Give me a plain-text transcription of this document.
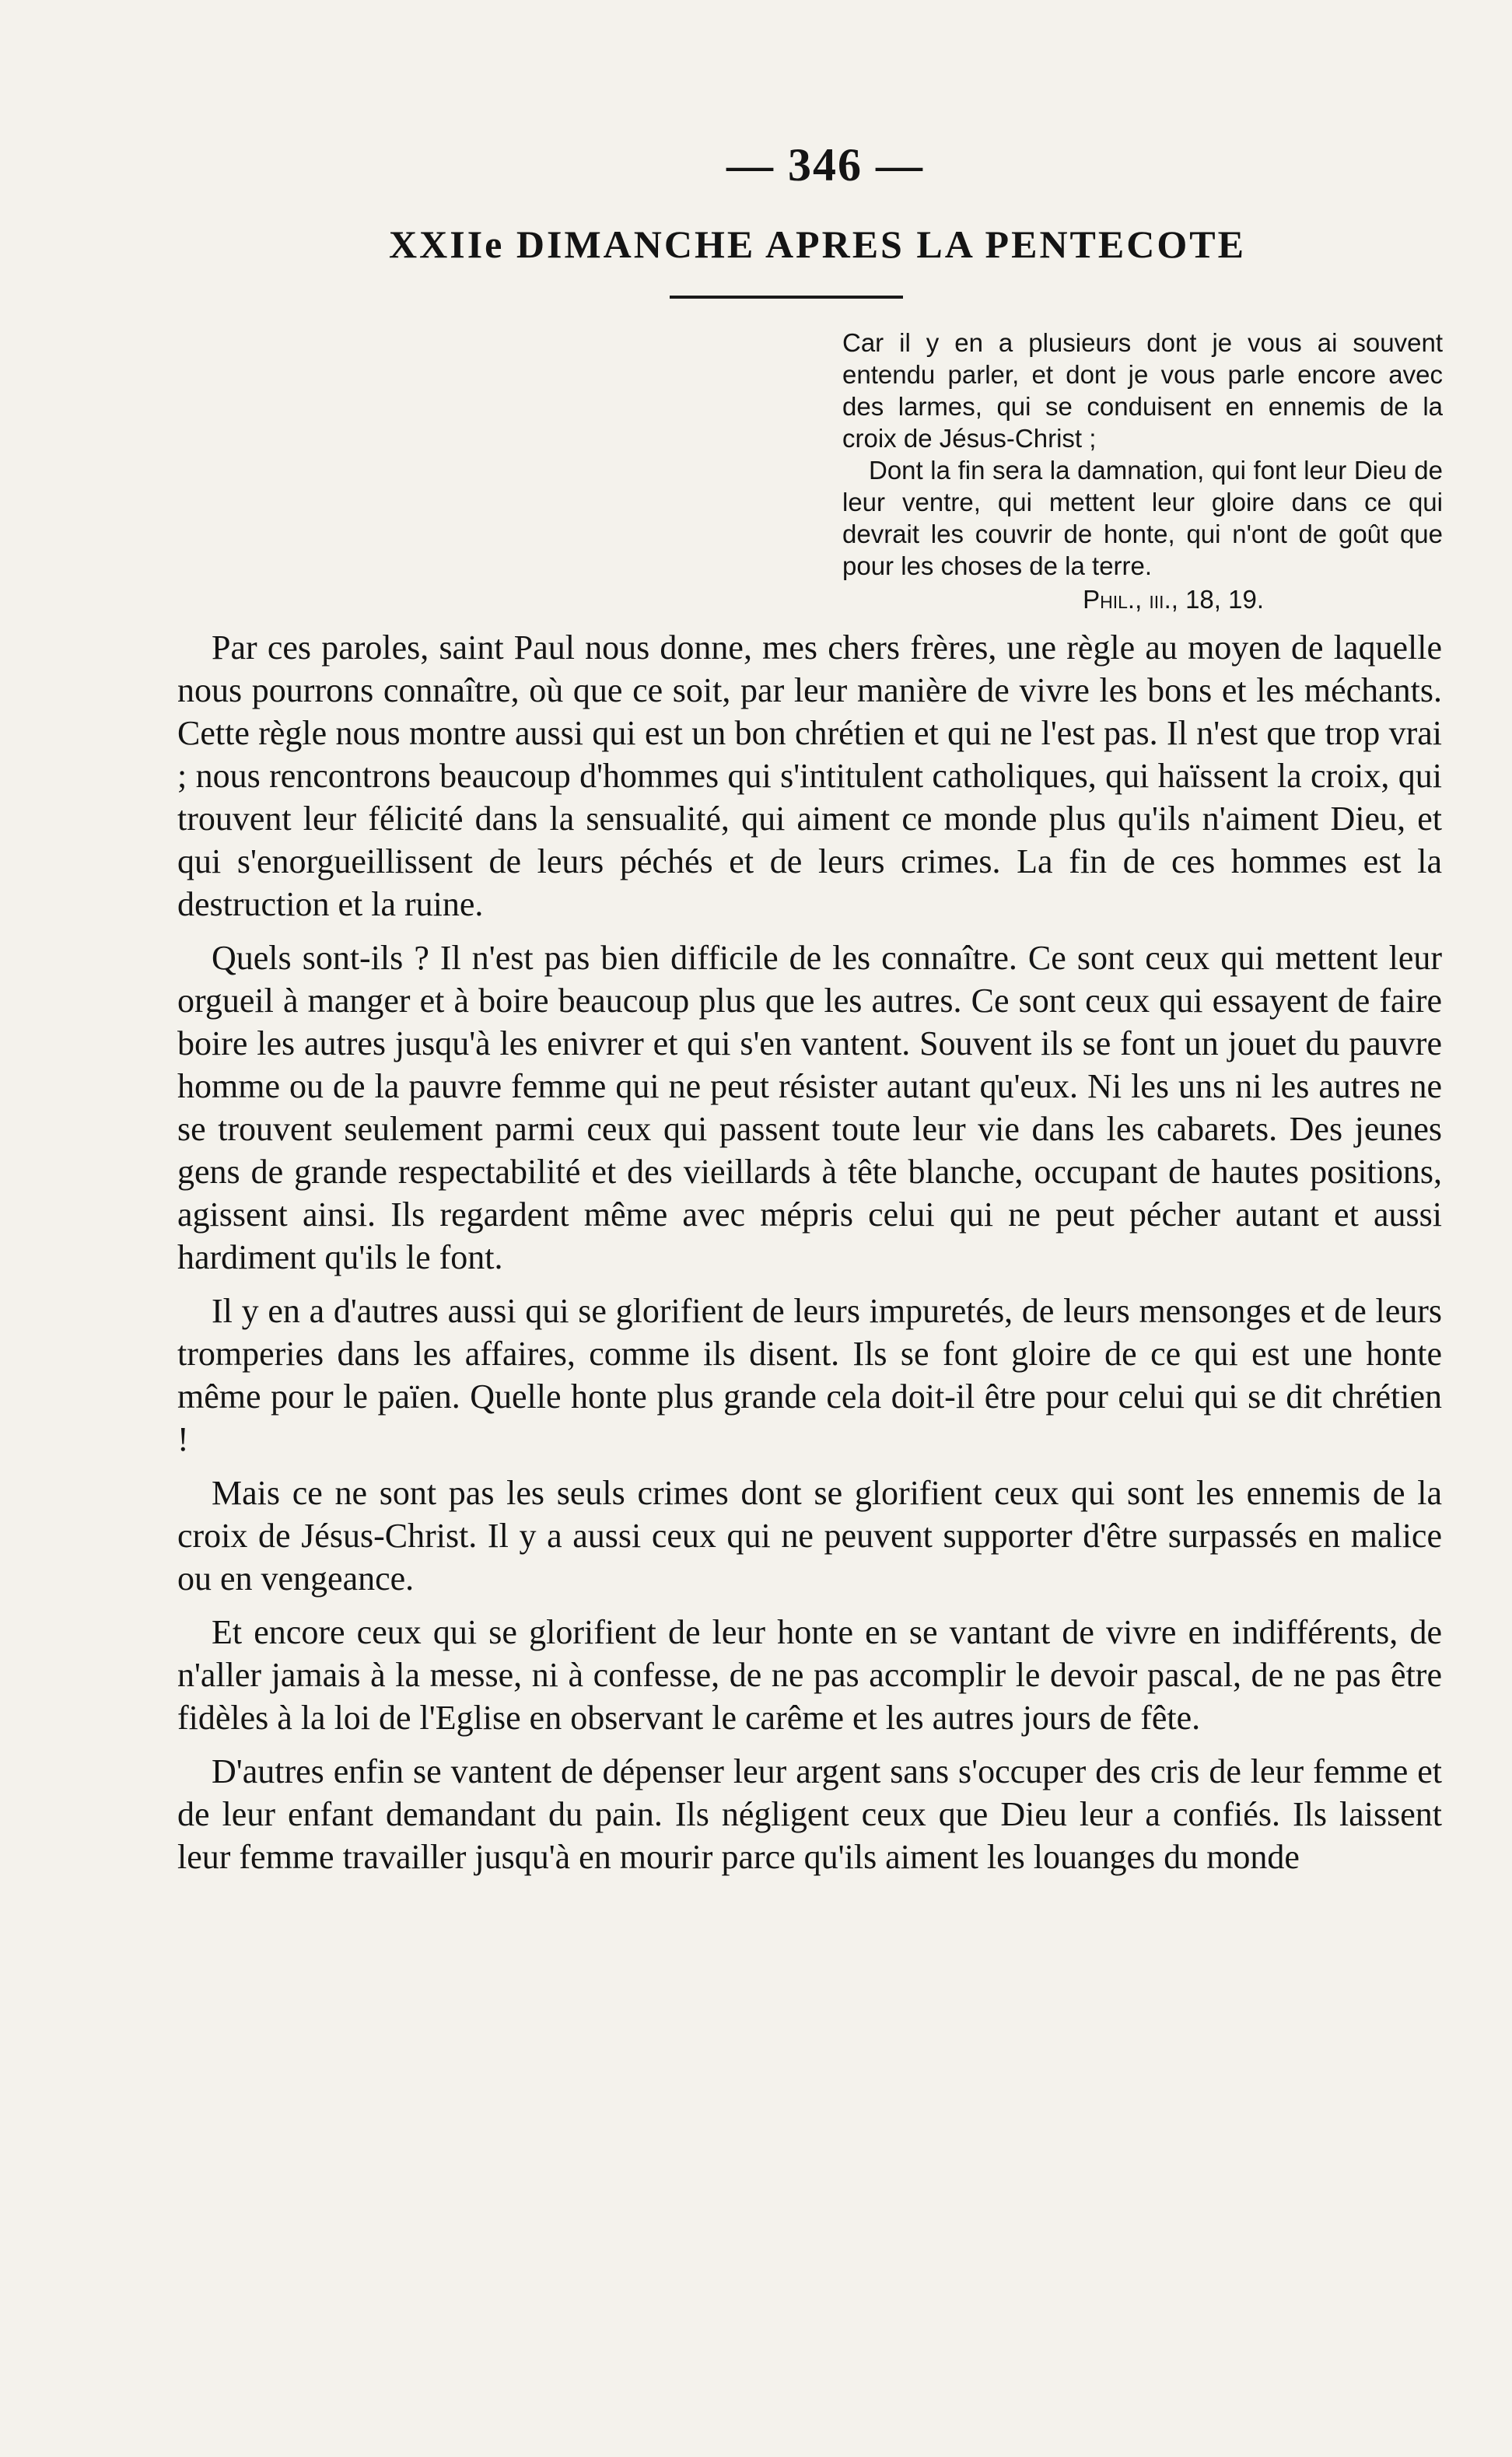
— 346 —
XXIIe DIMANCHE APRES LA PENTECOTE

Car il y en a plusieurs dont je vous ai souvent entendu parler, et dont je vous parle encore avec des larmes, qui se conduisent en ennemis de la croix de Jésus-Christ ;

Dont la fin sera la damnation, qui font leur Dieu de leur ventre, qui mettent leur gloire dans ce qui devrait les couvrir de honte, qui n'ont de goût que pour les choses de la terre.

Phil., iii., 18, 19.

Par ces paroles, saint Paul nous donne, mes chers frères, une règle au moyen de laquelle nous pourrons connaître, où que ce soit, par leur manière de vivre les bons et les méchants. Cette règle nous montre aussi qui est un bon chrétien et qui ne l'est pas. Il n'est que trop vrai ; nous rencontrons beaucoup d'hommes qui s'intitulent catholiques, qui haïssent la croix, qui trouvent leur félicité dans la sensualité, qui aiment ce monde plus qu'ils n'aiment Dieu, et qui s'enorgueillissent de leurs péchés et de leurs crimes. La fin de ces hommes est la destruction et la ruine.

Quels sont-ils ? Il n'est pas bien difficile de les connaître. Ce sont ceux qui mettent leur orgueil à manger et à boire beaucoup plus que les autres. Ce sont ceux qui essayent de faire boire les autres jusqu'à les enivrer et qui s'en vantent. Souvent ils se font un jouet du pauvre homme ou de la pauvre femme qui ne peut résister autant qu'eux. Ni les uns ni les autres ne se trouvent seulement parmi ceux qui passent toute leur vie dans les cabarets. Des jeunes gens de grande respectabilité et des vieillards à tête blanche, occupant de hautes positions, agissent ainsi. Ils regardent même avec mépris celui qui ne peut pécher autant et aussi hardiment qu'ils le font.

Il y en a d'autres aussi qui se glorifient de leurs impuretés, de leurs mensonges et de leurs tromperies dans les affaires, comme ils disent. Ils se font gloire de ce qui est une honte même pour le païen. Quelle honte plus grande cela doit-il être pour celui qui se dit chrétien !

Mais ce ne sont pas les seuls crimes dont se glorifient ceux qui sont les ennemis de la croix de Jésus-Christ. Il y a aussi ceux qui ne peuvent supporter d'être surpassés en malice ou en vengeance.

Et encore ceux qui se glorifient de leur honte en se vantant de vivre en indifférents, de n'aller jamais à la messe, ni à confesse, de ne pas accomplir le devoir pascal, de ne pas être fidèles à la loi de l'Eglise en observant le carême et les autres jours de fête.

D'autres enfin se vantent de dépenser leur argent sans s'occuper des cris de leur femme et de leur enfant demandant du pain. Ils négligent ceux que Dieu leur a confiés. Ils laissent leur femme travailler jusqu'à en mourir parce qu'ils aiment les louanges du monde
